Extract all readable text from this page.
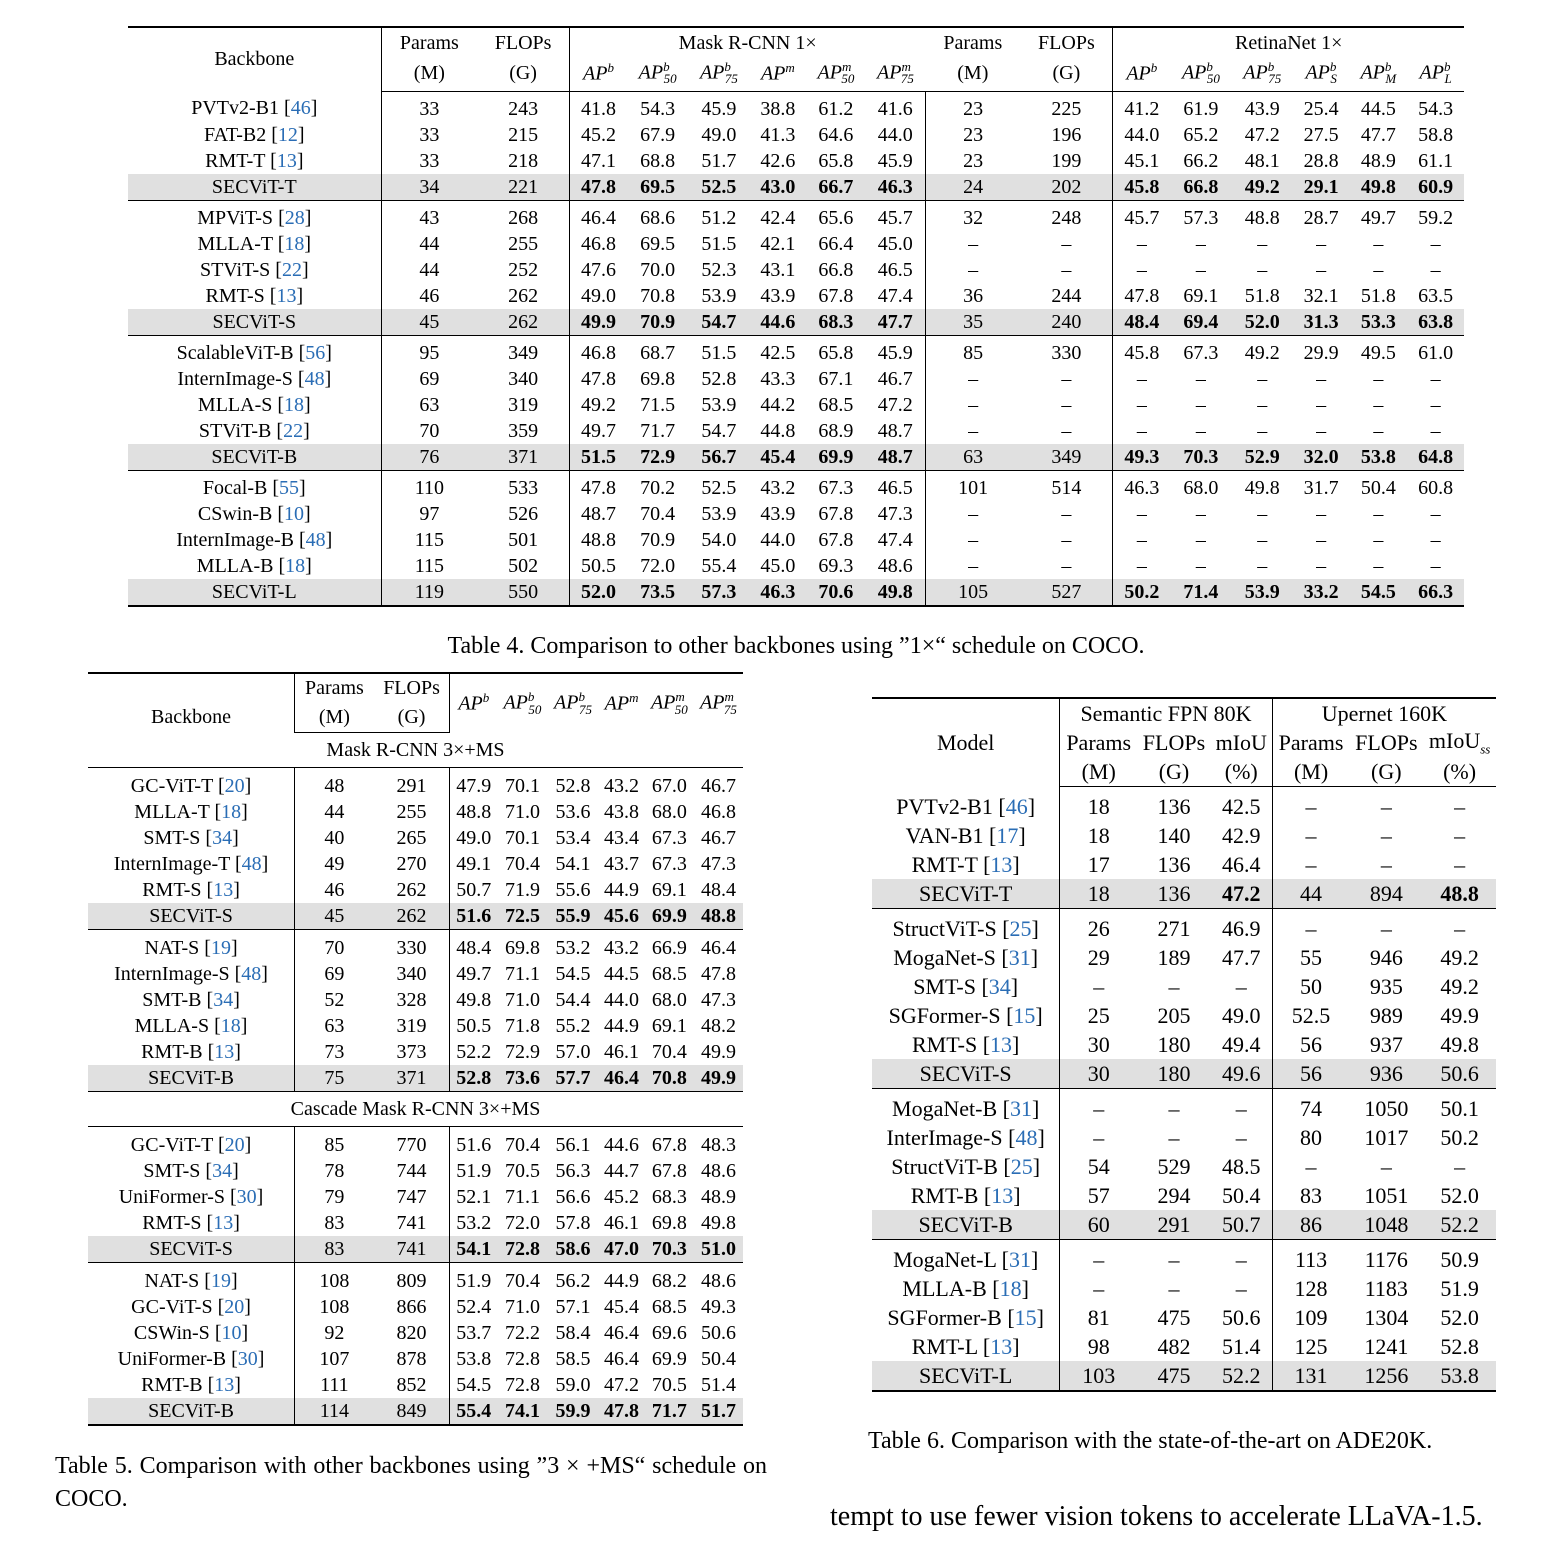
Backbone	Params	FLOPs	Mask R-CNN 1×						Params	FLOPs	RetinaNet 1×					
	(M)	(G)	$AP^b$	$AP^b_{50}$	$AP^b_{75}$	$AP^m$	$AP^m_{50}$	$AP^m_{75}$	(M)	(G)	$AP^b$	$AP^b_{50}$	$AP^b_{75}$	$AP^b_S$	$AP^b_M$	$AP^b_L$
PVTv2-B1 [46]	33	243	41.8	54.3	45.9	38.8	61.2	41.6	23	225	41.2	61.9	43.9	25.4	44.5	54.3
FAT-B2 [12]	33	215	45.2	67.9	49.0	41.3	64.6	44.0	23	196	44.0	65.2	47.2	27.5	47.7	58.8
RMT-T [13]	33	218	47.1	68.8	51.7	42.6	65.8	45.9	23	199	45.1	66.2	48.1	28.8	48.9	61.1
SECViT-T	34	221	47.8	69.5	52.5	43.0	66.7	46.3	24	202	45.8	66.8	49.2	29.1	49.8	60.9
MPViT-S [28]	43	268	46.4	68.6	51.2	42.4	65.6	45.7	32	248	45.7	57.3	48.8	28.7	49.7	59.2
MLLA-T [18]	44	255	46.8	69.5	51.5	42.1	66.4	45.0	–	–	–	–	–	–	–	–
STViT-S [22]	44	252	47.6	70.0	52.3	43.1	66.8	46.5	–	–	–	–	–	–	–	–
RMT-S [13]	46	262	49.0	70.8	53.9	43.9	67.8	47.4	36	244	47.8	69.1	51.8	32.1	51.8	63.5
SECViT-S	45	262	49.9	70.9	54.7	44.6	68.3	47.7	35	240	48.4	69.4	52.0	31.3	53.3	63.8
ScalableViT-B [56]	95	349	46.8	68.7	51.5	42.5	65.8	45.9	85	330	45.8	67.3	49.2	29.9	49.5	61.0
InternImage-S [48]	69	340	47.8	69.8	52.8	43.3	67.1	46.7	–	–	–	–	–	–	–	–
MLLA-S [18]	63	319	49.2	71.5	53.9	44.2	68.5	47.2	–	–	–	–	–	–	–	–
STViT-B [22]	70	359	49.7	71.7	54.7	44.8	68.9	48.7	–	–	–	–	–	–	–	–
SECViT-B	76	371	51.5	72.9	56.7	45.4	69.9	48.7	63	349	49.3	70.3	52.9	32.0	53.8	64.8
Focal-B [55]	110	533	47.8	70.2	52.5	43.2	67.3	46.5	101	514	46.3	68.0	49.8	31.7	50.4	60.8
CSwin-B [10]	97	526	48.7	70.4	53.9	43.9	67.8	47.3	–	–	–	–	–	–	–	–
InternImage-B [48]	115	501	48.8	70.9	54.0	44.0	67.8	47.4	–	–	–	–	–	–	–	–
MLLA-B [18]	115	502	50.5	72.0	55.4	45.0	69.3	48.6	–	–	–	–	–	–	–	–
SECViT-L	119	550	52.0	73.5	57.3	46.3	70.6	49.8	105	527	50.2	71.4	53.9	33.2	54.5	66.3
Table 4. Comparison to other backbones using ”1×“ schedule on COCO.
Backbone	Params	FLOPs	$AP^b$	$AP^b_{50}$	$AP^b_{75}$	$AP^m$	$AP^m_{50}$	$AP^m_{75}$
	(M)	(G)						
Mask R-CNN 3×+MS								
GC-ViT-T [20]	48	291	47.9	70.1	52.8	43.2	67.0	46.7
MLLA-T [18]	44	255	48.8	71.0	53.6	43.8	68.0	46.8
SMT-S [34]	40	265	49.0	70.1	53.4	43.4	67.3	46.7
InternImage-T [48]	49	270	49.1	70.4	54.1	43.7	67.3	47.3
RMT-S [13]	46	262	50.7	71.9	55.6	44.9	69.1	48.4
SECViT-S	45	262	51.6	72.5	55.9	45.6	69.9	48.8
NAT-S [19]	70	330	48.4	69.8	53.2	43.2	66.9	46.4
InternImage-S [48]	69	340	49.7	71.1	54.5	44.5	68.5	47.8
SMT-B [34]	52	328	49.8	71.0	54.4	44.0	68.0	47.3
MLLA-S [18]	63	319	50.5	71.8	55.2	44.9	69.1	48.2
RMT-B [13]	73	373	52.2	72.9	57.0	46.1	70.4	49.9
SECViT-B	75	371	52.8	73.6	57.7	46.4	70.8	49.9
Cascade Mask R-CNN 3×+MS								
GC-ViT-T [20]	85	770	51.6	70.4	56.1	44.6	67.8	48.3
SMT-S [34]	78	744	51.9	70.5	56.3	44.7	67.8	48.6
UniFormer-S [30]	79	747	52.1	71.1	56.6	45.2	68.3	48.9
RMT-S [13]	83	741	53.2	72.0	57.8	46.1	69.8	49.8
SECViT-S	83	741	54.1	72.8	58.6	47.0	70.3	51.0
NAT-S [19]	108	809	51.9	70.4	56.2	44.9	68.2	48.6
GC-ViT-S [20]	108	866	52.4	71.0	57.1	45.4	68.5	49.3
CSWin-S [10]	92	820	53.7	72.2	58.4	46.4	69.6	50.6
UniFormer-B [30]	107	878	53.8	72.8	58.5	46.4	69.9	50.4
RMT-B [13]	111	852	54.5	72.8	59.0	47.2	70.5	51.4
SECViT-B	114	849	55.4	74.1	59.9	47.8	71.7	51.7
Table 5. Comparison with other backbones using ”3 × +MS“ schedule on COCO.
Model	Semantic FPN 80K			Upernet 160K		
	Params	FLOPs	mIoU	Params	FLOPs	mIoU$_{ss}$
	(M)	(G)	(%)	(M)	(G)	(%)
PVTv2-B1 [46]	18	136	42.5	–	–	–
VAN-B1 [17]	18	140	42.9	–	–	–
RMT-T [13]	17	136	46.4	–	–	–
SECViT-T	18	136	47.2	44	894	48.8
StructViT-S [25]	26	271	46.9	–	–	–
MogaNet-S [31]	29	189	47.7	55	946	49.2
SMT-S [34]	–	–	–	50	935	49.2
SGFormer-S [15]	25	205	49.0	52.5	989	49.9
RMT-S [13]	30	180	49.4	56	937	49.8
SECViT-S	30	180	49.6	56	936	50.6
MogaNet-B [31]	–	–	–	74	1050	50.1
InterImage-S [48]	–	–	–	80	1017	50.2
StructViT-B [25]	54	529	48.5	–	–	–
RMT-B [13]	57	294	50.4	83	1051	52.0
SECViT-B	60	291	50.7	86	1048	52.2
MogaNet-L [31]	–	–	–	113	1176	50.9
MLLA-B [18]	–	–	–	128	1183	51.9
SGFormer-B [15]	81	475	50.6	109	1304	52.0
RMT-L [13]	98	482	51.4	125	1241	52.8
SECViT-L	103	475	52.2	131	1256	53.8
Table 6. Comparison with the state-of-the-art on ADE20K.
tempt to use fewer vision tokens to accelerate LLaVA-1.5.
